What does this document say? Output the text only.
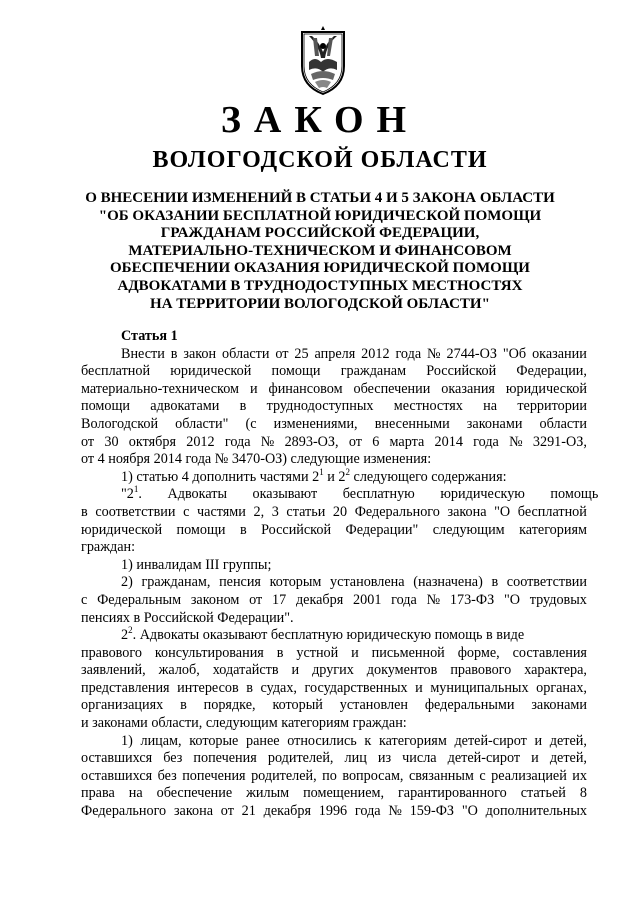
ЗАКОН
ВОЛОГОДСКОЙ ОБЛАСТИ
О ВНЕСЕНИИ ИЗМЕНЕНИЙ В СТАТЬИ 4 И 5 ЗАКОНА ОБЛАСТИ
"ОБ ОКАЗАНИИ БЕСПЛАТНОЙ ЮРИДИЧЕСКОЙ ПОМОЩИ
ГРАЖДАНАМ РОССИЙСКОЙ ФЕДЕРАЦИИ,
МАТЕРИАЛЬНО-ТЕХНИЧЕСКОМ И ФИНАНСОВОМ
ОБЕСПЕЧЕНИИ ОКАЗАНИЯ ЮРИДИЧЕСКОЙ ПОМОЩИ
АДВОКАТАМИ В ТРУДНОДОСТУПНЫХ МЕСТНОСТЯХ
НА ТЕРРИТОРИИ ВОЛОГОДСКОЙ ОБЛАСТИ"
Статья 1
Внести в закон области от 25 апреля 2012 года № 2744-ОЗ "Об оказании
бесплатной юридической помощи гражданам Российской Федерации,
материально-техническом и финансовом обеспечении оказания юридической
помощи адвокатами в труднодоступных местностях на территории
Вологодской области" (с изменениями, внесенными законами области
от 30 октября 2012 года № 2893-ОЗ, от 6 марта 2014 года № 3291-ОЗ,
от 4 ноября 2014 года № 3470-ОЗ) следующие изменения:
1) статью 4 дополнить частями $2^1$ и $2^2$ следующего содержания:
"$2^1$ . Адвокаты оказывают бесплатную юридическую помощь
в соответствии с частями 2, 3 статьи 20 Федерального закона "О бесплатной
юридической помощи в Российской Федерации" следующим категориям
граждан:
1) инвалидам III группы;
2) гражданам, пенсия которым установлена (назначена) в соответствии
с Федеральным законом от 17 декабря 2001 года № 173-ФЗ "О трудовых
пенсиях в Российской Федерации".
$2^2$ . Адвокаты оказывают бесплатную юридическую помощь в виде
правового консультирования в устной и письменной форме, составления
заявлений, жалоб, ходатайств и других документов правового характера,
представления интересов в судах, государственных и муниципальных органах,
организациях в порядке, который установлен федеральными законами
и законами области, следующим категориям граждан:
1) лицам, которые ранее относились к категориям детей-сирот и детей,
оставшихся без попечения родителей, лиц из числа детей-сирот и детей,
оставшихся без попечения родителей, по вопросам, связанным с реализацией их
права на обеспечение жилым помещением, гарантированного статьей 8
Федерального закона от 21 декабря 1996 года № 159-ФЗ "О дополнительных
